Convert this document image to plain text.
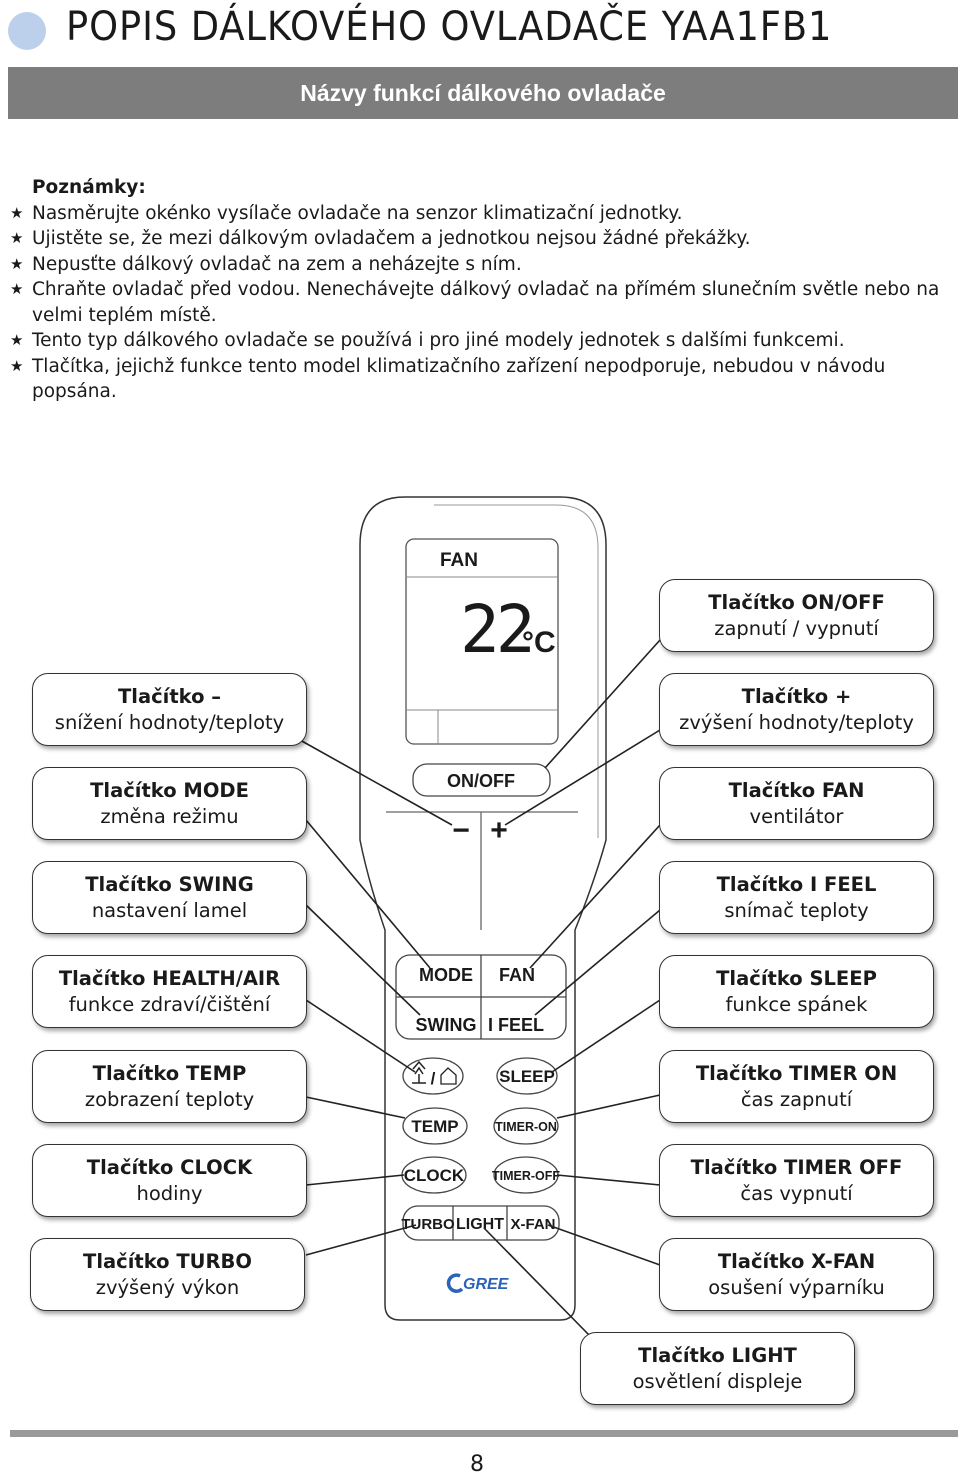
POPIS DÁLKOVÉHO OVLADAČE YAA1FB1
Názvy funkcí dálkového ovladače
Poznámky:
★ Nasměrujte okénko vysílače ovladače na senzor klimatizační jednotky.
★ Ujistěte se, že mezi dálkovým ovladačem a jednotkou nejsou žádné překážky.
★ Nepusťte dálkový ovladač na zem a neházejte s ním.
★ Chraňte ovladač před vodou. Nenechávejte dálkový ovladač na přímém slunečním světle nebo na velmi teplém místě.
★ Tento typ dálkového ovladače se používá i pro jiné modely jednotek s dalšími funkcemi.
★ Tlačítka, jejichž funkce tento model klimatizačního zařízení nepodporuje, nebudou v návodu popsána.
FAN
22
°C
ON/OFF
− +
MODE FAN
SWING I FEEL
/	SLEEP
TEMP	TIMER-ON
CLOCK TIMER-OFF
TURBO LIGHT X-FAN
GREE
Tlačítko –
snížení hodnoty/teploty
Tlačítko MODE
změna režimu
Tlačítko SWING
nastavení lamel
Tlačítko HEALTH/AIR
funkce zdraví/čištění
Tlačítko TEMP
zobrazení teploty
Tlačítko CLOCK
hodiny
Tlačítko TURBO
zvýšený výkon
Tlačítko ON/OFF
zapnutí / vypnutí
Tlačítko +
zvýšení hodnoty/teploty
Tlačítko FAN
ventilátor
Tlačítko I FEEL
snímač teploty
Tlačítko SLEEP
funkce spánek
Tlačítko TIMER ON
čas zapnutí
Tlačítko TIMER OFF
čas vypnutí
Tlačítko X-FAN
osušení výparníku
Tlačítko LIGHT
osvětlení displeje
8
